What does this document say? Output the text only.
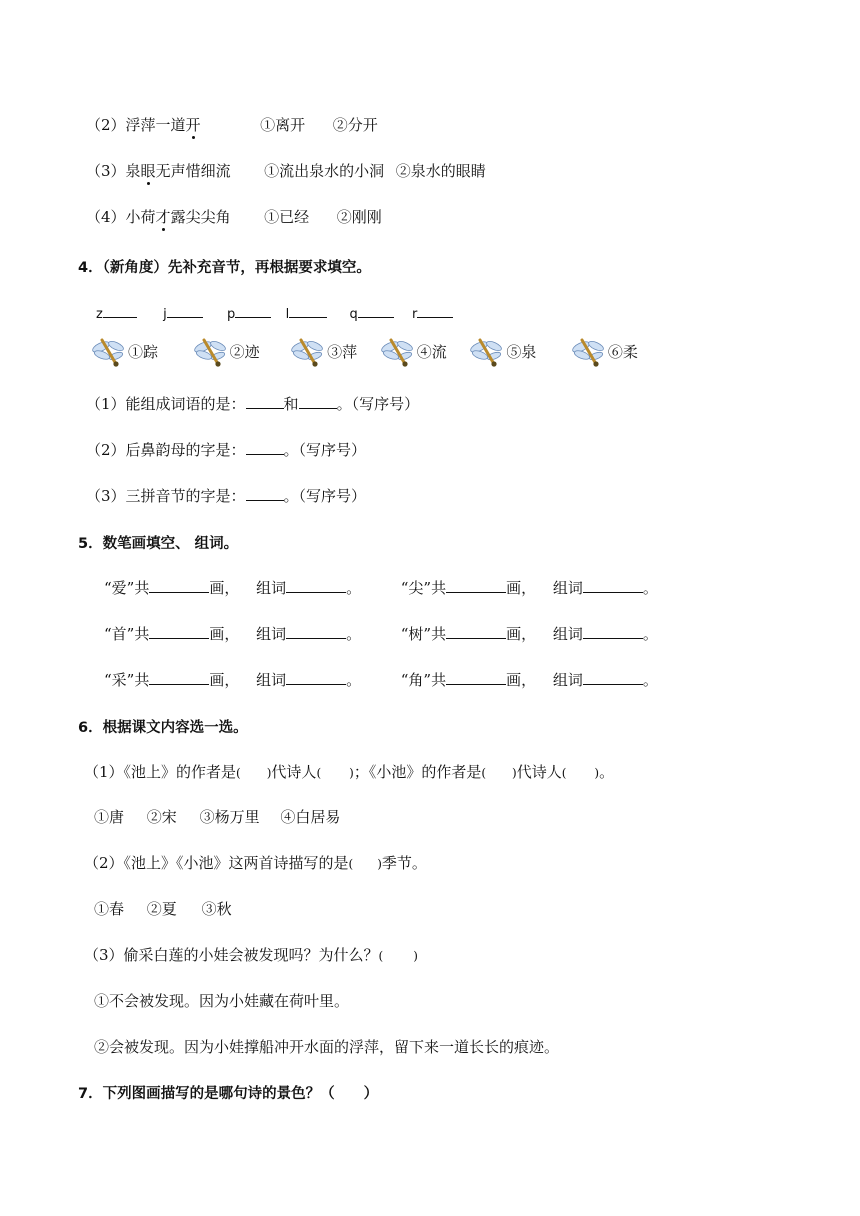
（2）浮萍一道开	①离开 ②分开
（3）泉眼无声惜细流 ①流出泉水的小洞 ②泉水的眼睛
（4）小荷才露尖尖角 ①已经 ②刚刚
4．（新角度）先补充音节，再根据要求填空。
z	j	p	l	q	r
①踪	②迹	③萍	④流	⑤泉	⑥柔
（1）能组成词语的是：	和	。（写序号）
（2）后鼻韵母的字是：	。（写序号）
（3）三拼音节的字是：	。（写序号）
5．数笔画填空、 组词。
“爱”共	画， 组词	。	“尖”共	画， 组词	。
“首”共	画， 组词	。	“树”共	画， 组词	。
“采”共	画， 组词	。	“角”共	画， 组词	。
6．根据课文内容选一选。
（1）《池上》的作者是( )代诗人( )；《小池》的作者是( )代诗人( )。
①唐 ②宋 ③杨万里 ④白居易
（2）《池上》《小池》这两首诗描写的是( )季节。
①春 ②夏 ③秋
（3）偷采白莲的小娃会被发现吗？为什么？(	)
①不会被发现。因为小娃藏在荷叶里。
②会被发现。因为小娃撑船冲开水面的浮萍，留下来一道长长的痕迹。
7．下列图画描写的是哪句诗的景色？（　　）
